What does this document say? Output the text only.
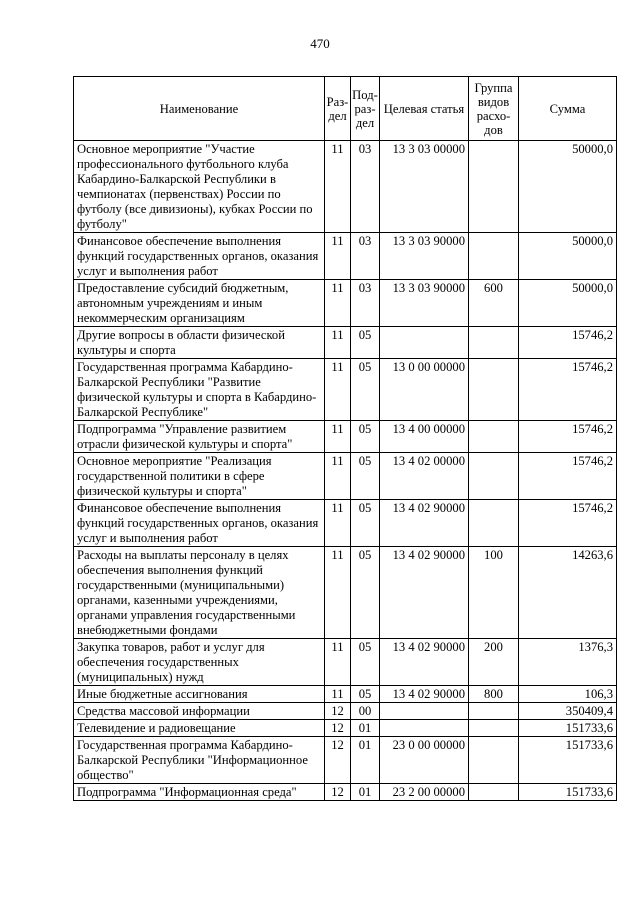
470
Наименование	Раз-дел	Под-раз-дел	Целевая статья	Группа видов расхо-дов	Сумма
Основное мероприятие "Участие профессионального футбольного клуба Кабардино-Балкарской Республики в чемпионатах (первенствах) России по футболу (все дивизионы), кубках России по футболу"	11	03	13 3 03 00000		50000,0
Финансовое обеспечение выполнения функций государственных органов, оказания услуг и выполнения работ	11	03	13 3 03 90000		50000,0
Предоставление субсидий бюджетным, автономным учреждениям и иным некоммерческим организациям	11	03	13 3 03 90000	600	50000,0
Другие вопросы в области физической культуры и спорта	11	05			15746,2
Государственная программа Кабардино-Балкарской Республики "Развитие физической культуры и спорта в Кабардино-Балкарской Республике"	11	05	13 0 00 00000		15746,2
Подпрограмма "Управление развитием отрасли физической культуры и спорта"	11	05	13 4 00 00000		15746,2
Основное мероприятие "Реализация государственной политики в сфере физической культуры и спорта"	11	05	13 4 02 00000		15746,2
Финансовое обеспечение выполнения функций государственных органов, оказания услуг и выполнения работ	11	05	13 4 02 90000		15746,2
Расходы на выплаты персоналу в целях обеспечения выполнения функций государственными (муниципальными) органами, казенными учреждениями, органами управления государственными внебюджетными фондами	11	05	13 4 02 90000	100	14263,6
Закупка товаров, работ и услуг для обеспечения государственных (муниципальных) нужд	11	05	13 4 02 90000	200	1376,3
Иные бюджетные ассигнования	11	05	13 4 02 90000	800	106,3
Средства массовой информации	12	00			350409,4
Телевидение и радиовещание	12	01			151733,6
Государственная программа Кабардино-Балкарской Республики "Информационное общество"	12	01	23 0 00 00000		151733,6
Подпрограмма "Информационная среда"	12	01	23 2 00 00000		151733,6
